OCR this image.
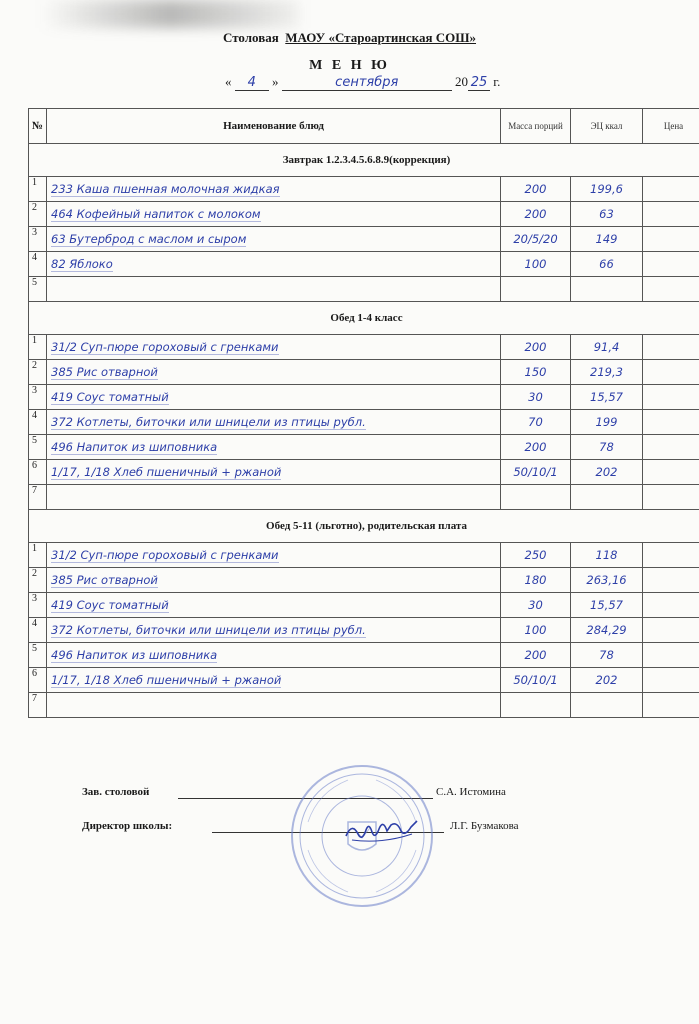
Столовая МАОУ «Староартинская СОШ»
М Е Н Ю
« 4 »	сентября	20 25 г.
№	Наименование блюд	Масса порций	ЭЦ ккал	Цена
Завтрак 1.2.3.4.5.6.8.9(коррекция)				
1	233 Каша пшенная молочная жидкая	200	199,6	
2	464 Кофейный напиток с молоком	200	63	
3	63 Бутерброд с маслом и сыром	20/5/20	149	
4	82 Яблоко	100	66	
5				
Обед 1-4 класс				
1	31/2 Суп-пюре гороховый с гренками	200	91,4	
2	385 Рис отварной	150	219,3	
3	419 Соус томатный	30	15,57	
4	372 Котлеты, биточки или шницели из птицы рубл.	70	199	
5	496 Напиток из шиповника	200	78	
6	1/17, 1/18 Хлеб пшеничный + ржаной	50/10/1	202	
7				
Обед 5-11 (льготно), родительская плата				
1	31/2 Суп-пюре гороховый с гренками	250	118	
2	385 Рис отварной	180	263,16	
3	419 Соус томатный	30	15,57	
4	372 Котлеты, биточки или шницели из птицы рубл.	100	284,29	
5	496 Напиток из шиповника	200	78	
6	1/17, 1/18 Хлеб пшеничный + ржаной	50/10/1	202	
7				
Зав. столовой	С.А. Истомина
Директор школы:	Л.Г. Бузмакова
